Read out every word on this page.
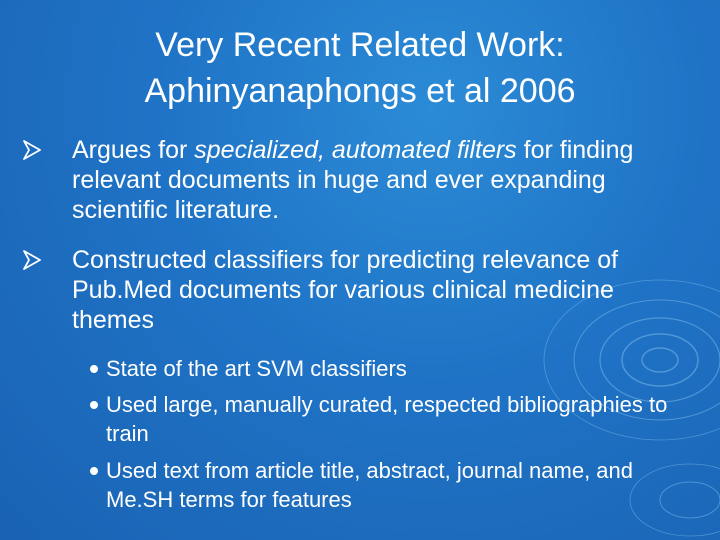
Very Recent Related Work:
Aphinyanaphongs et al 2006
Argues for specialized, automated filters for finding relevant documents in huge and ever expanding scientific literature.
Constructed classifiers for predicting relevance of Pub.Med documents for various clinical medicine themes
State of the art SVM classifiers
Used large, manually curated, respected bibliographies to train
Used text from article title, abstract, journal name, and Me.SH terms for features
